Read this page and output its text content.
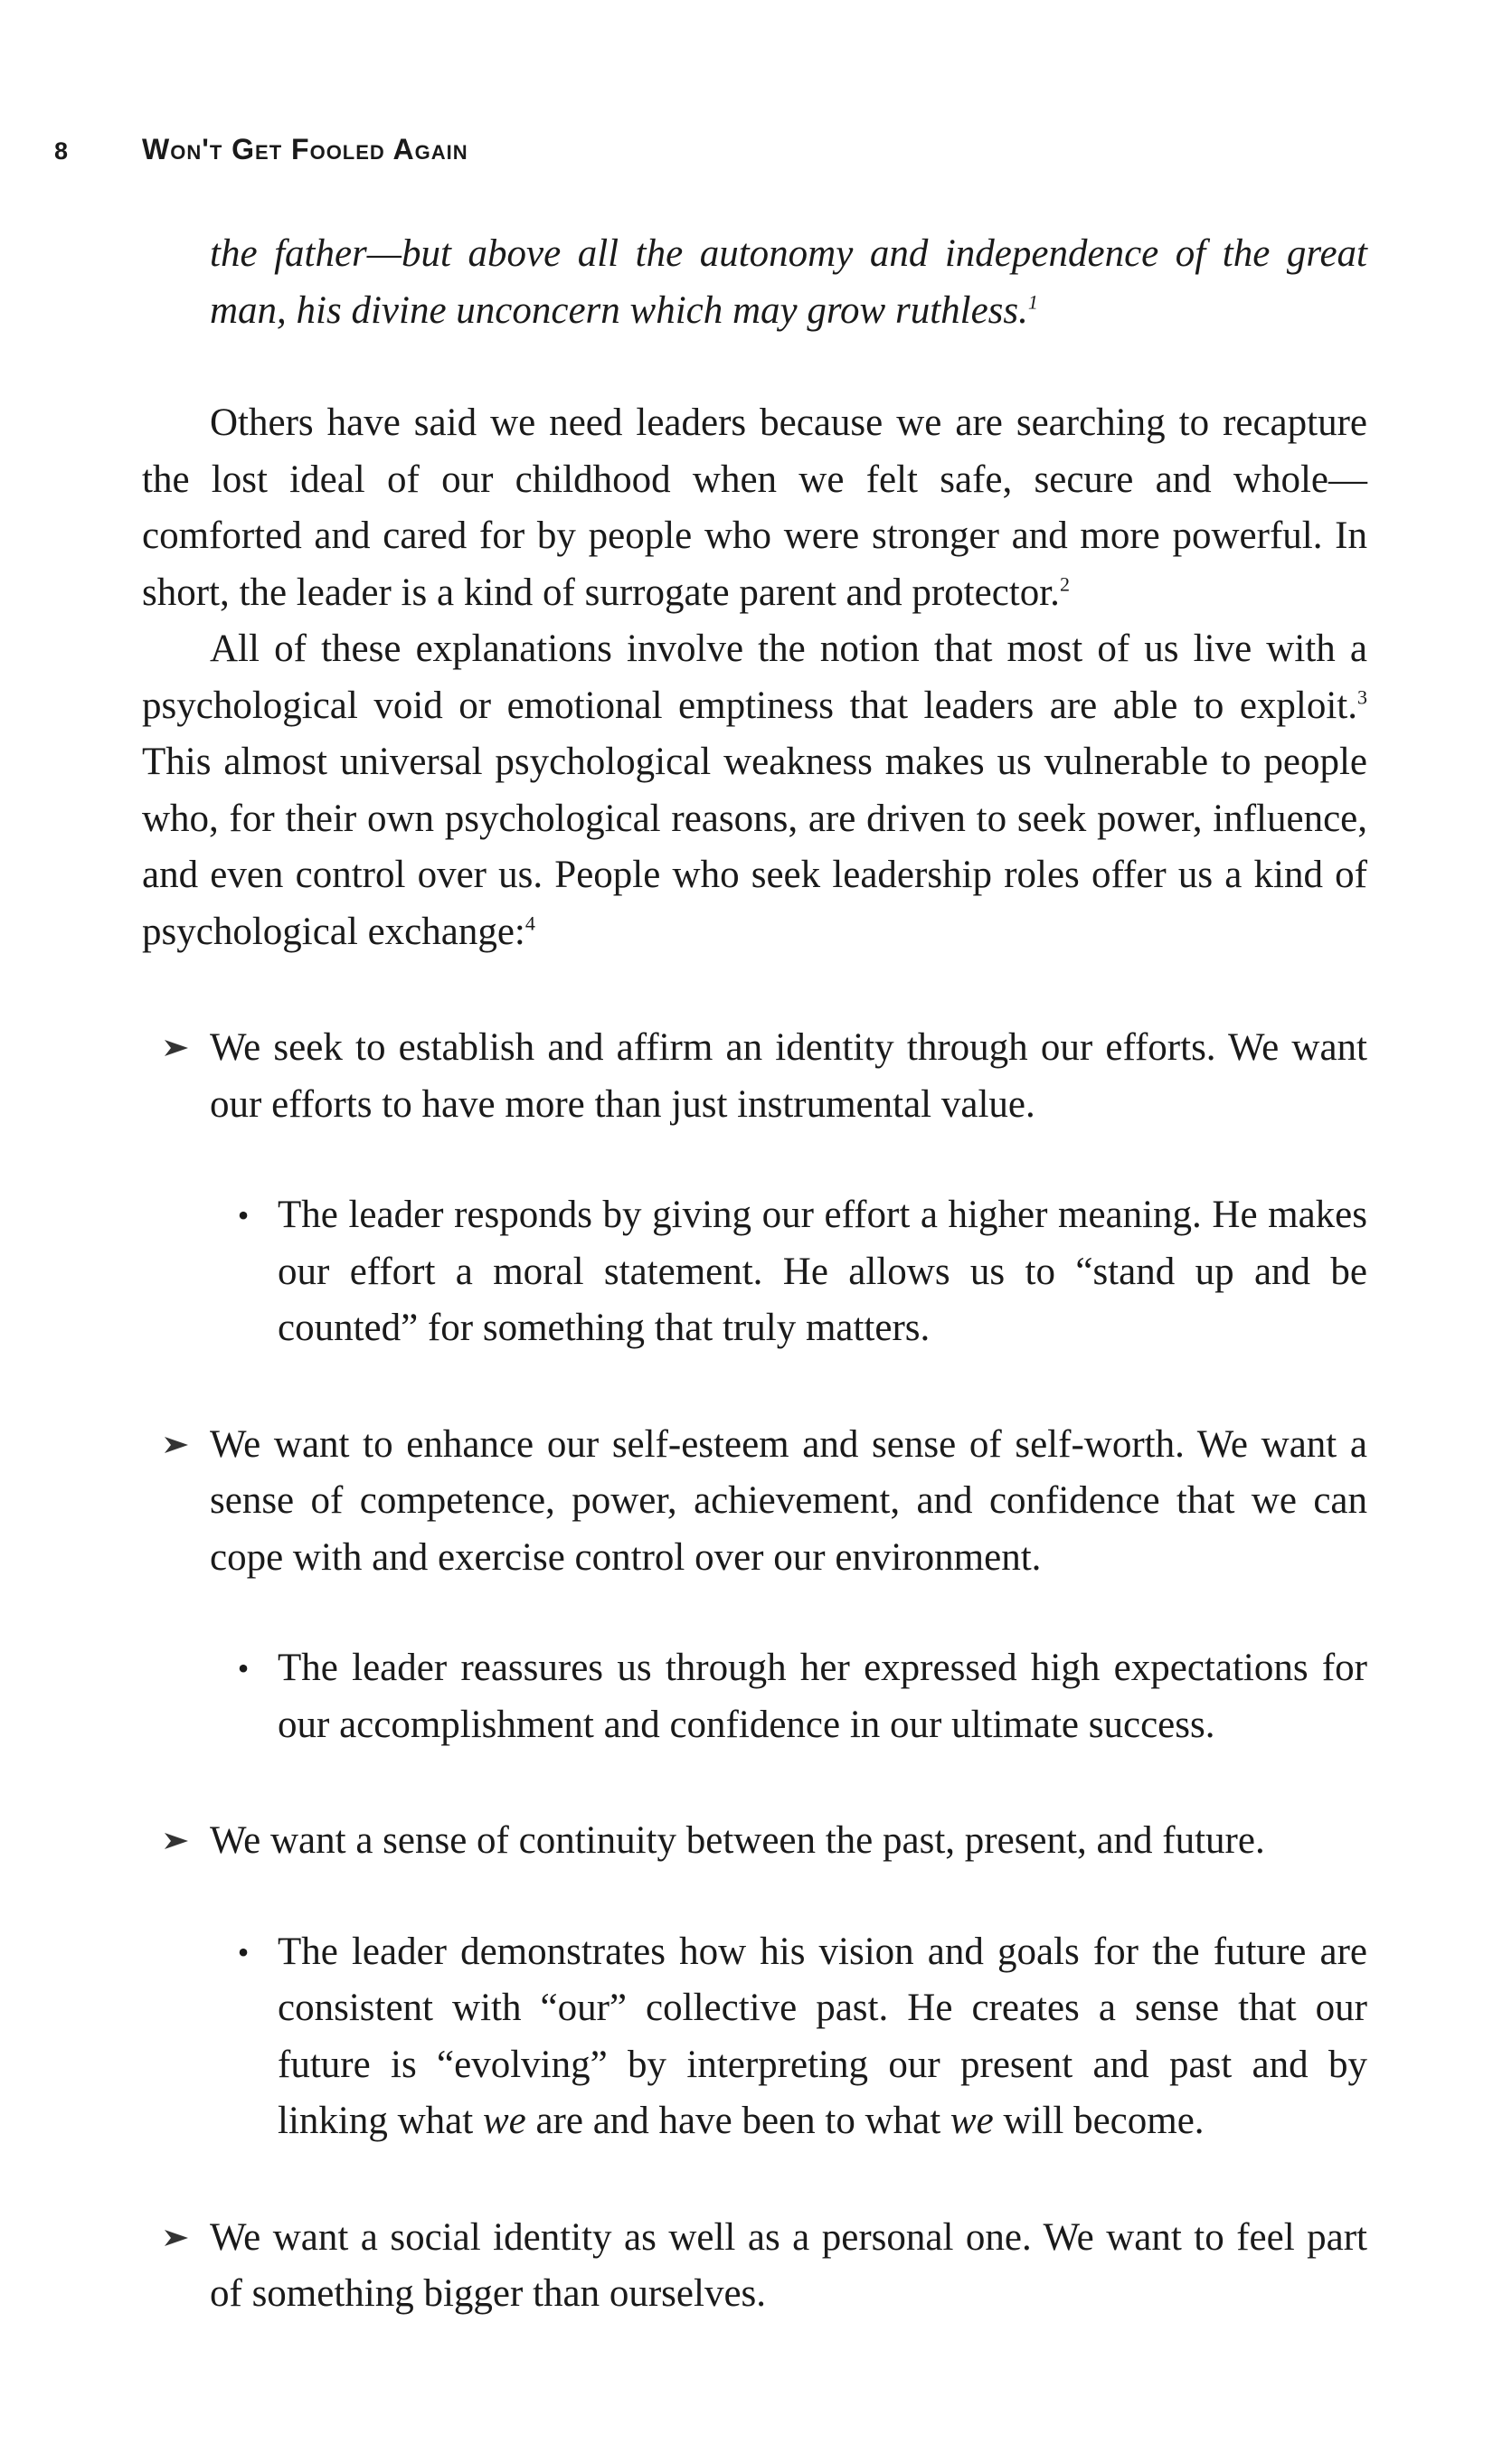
8	Won't Get Fooled Again

the father—but above all the autonomy and independence of the great man, his divine unconcern which may grow ruthless.$^1$

Others have said we need leaders because we are searching to recapture the lost ideal of our childhood when we felt safe, secure and whole—comforted and cared for by people who were stronger and more powerful. In short, the leader is a kind of surrogate parent and protector.$^2$

All of these explanations involve the notion that most of us live with a psychological void or emotional emptiness that leaders are able to exploit.$^3$ This almost universal psychological weakness makes us vulnerable to people who, for their own psychological reasons, are driven to seek power, influence, and even control over us. People who seek leadership roles offer us a kind of psychological exchange:$^4$

We seek to establish and affirm an identity through our efforts. We want our efforts to have more than just instrumental value.

• The leader responds by giving our effort a higher meaning. He makes our effort a moral statement. He allows us to “stand up and be counted” for something that truly matters.

We want to enhance our self-esteem and sense of self-worth. We want a sense of competence, power, achievement, and confidence that we can cope with and exercise control over our environment.

• The leader reassures us through her expressed high expectations for our accomplishment and confidence in our ultimate success.

We want a sense of continuity between the past, present, and future.

• The leader demonstrates how his vision and goals for the future are consistent with “our” collective past. He creates a sense that our future is “evolving” by interpreting our present and past and by linking what we are and have been to what we will become.

We want a social identity as well as a personal one. We want to feel part of something bigger than ourselves.
